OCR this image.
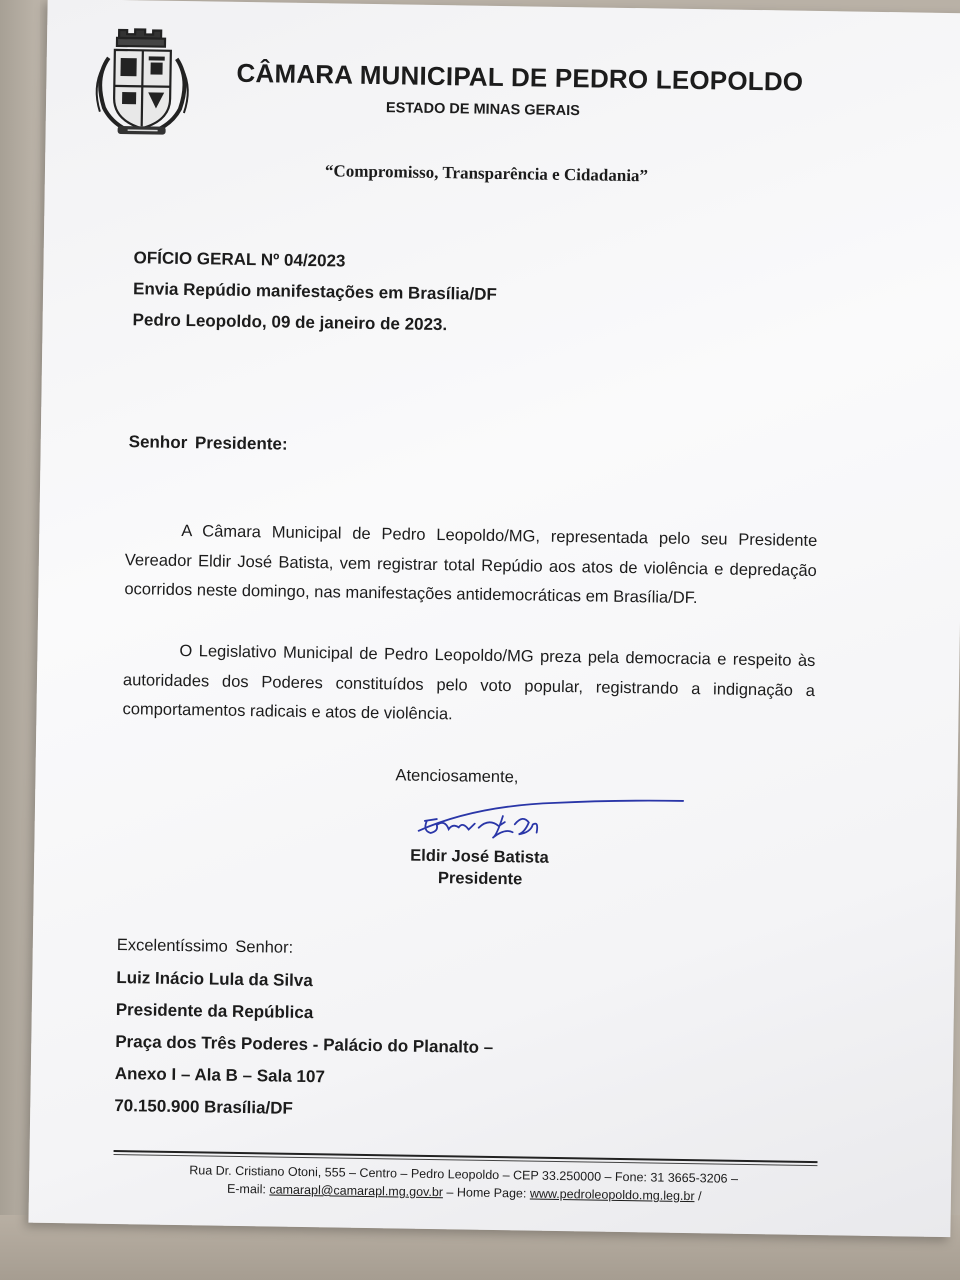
CÂMARA MUNICIPAL DE PEDRO LEOPOLDO
ESTADO DE MINAS GERAIS
“Compromisso, Transparência e Cidadania”
OFÍCIO GERAL Nº 04/2023
Envia Repúdio manifestações em Brasília/DF
Pedro Leopoldo, 09 de janeiro de 2023.
Senhor Presidente:

A Câmara Municipal de Pedro Leopoldo/MG, representada pelo seu Presidente Vereador Eldir José Batista, vem registrar total Repúdio aos atos de violência e depredação ocorridos neste domingo, nas manifestações antidemocráticas em Brasília/DF.

O Legislativo Municipal de Pedro Leopoldo/MG preza pela democracia e respeito às autoridades dos Poderes constituídos pelo voto popular, registrando a indignação a comportamentos radicais e atos de violência.

Atenciosamente,
Eldir José Batista
Presidente
Excelentíssimo Senhor:
Luiz Inácio Lula da Silva
Presidente da República
Praça dos Três Poderes - Palácio do Planalto –
Anexo I – Ala B – Sala 107
70.150.900 Brasília/DF
Rua Dr. Cristiano Otoni, 555 – Centro – Pedro Leopoldo – CEP 33.250000 – Fone: 31 3665-3206 –
E-mail: camarapl@camarapl.mg.gov.br – Home Page: www.pedroleopoldo.mg.leg.br /
